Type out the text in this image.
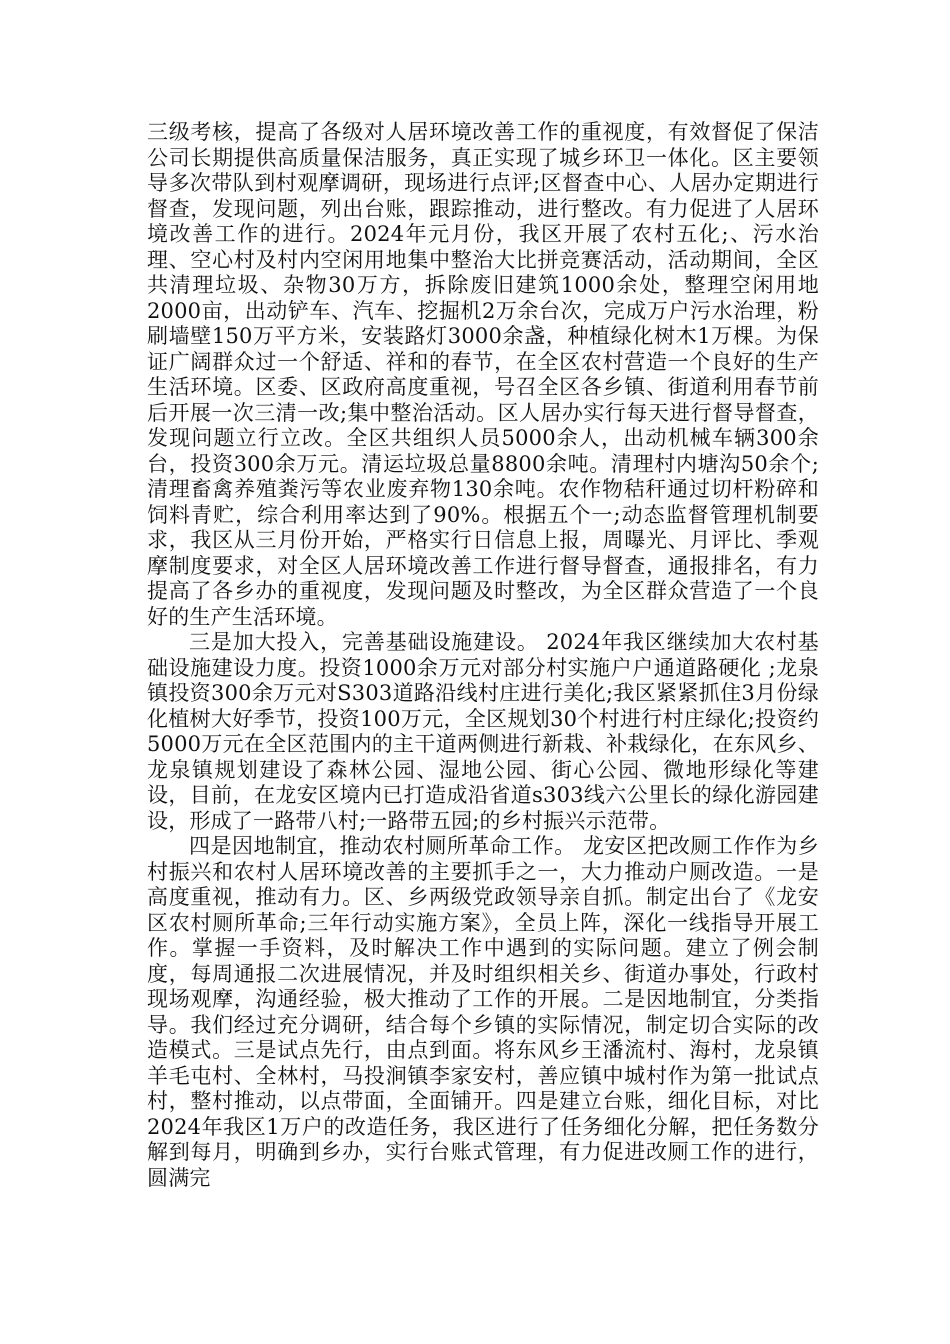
三级考核，提高了各级对人居环境改善工作的重视度，有效督促了保洁公司长期提供高质量保洁服务，真正实现了城乡环卫一体化。区主要领导多次带队到村观摩调研，现场进行点评;区督查中心、人居办定期进行督查，发现问题，列出台账，跟踪推动，进行整改。有力促进了人居环境改善工作的进行。2024年元月份，我区开展了农村五化;、污水治理、空心村及村内空闲用地集中整治大比拼竞赛活动，活动期间，全区共清理垃圾、杂物30万方，拆除废旧建筑1000余处，整理空闲用地2000亩，出动铲车、汽车、挖掘机2万余台次，完成万户污水治理，粉刷墙壁150万平方米，安装路灯3000余盏，种植绿化树木1万棵。为保证广阔群众过一个舒适、祥和的春节，在全区农村营造一个良好的生产生活环境。区委、区政府高度重视，号召全区各乡镇、街道利用春节前后开展一次三清一改;集中整治活动。区人居办实行每天进行督导督查，发现问题立行立改。全区共组织人员5000余人，出动机械车辆300余台，投资300余万元。清运垃圾总量8800余吨。清理村内塘沟50余个;清理畜禽养殖粪污等农业废弃物130余吨。农作物秸秆通过切杆粉碎和饲料青贮，综合利用率达到了90%。根据五个一;动态监督管理机制要求，我区从三月份开始，严格实行日信息上报，周曝光、月评比、季观摩制度要求，对全区人居环境改善工作进行督导督查，通报排名，有力提高了各乡办的重视度，发现问题及时整改，为全区群众营造了一个良好的生产生活环境。

三是加大投入，完善基础设施建设。 2024年我区继续加大农村基础设施建设力度。投资1000余万元对部分村实施户户通道路硬化 ;龙泉镇投资300余万元对S303道路沿线村庄进行美化;我区紧紧抓住3月份绿化植树大好季节，投资100万元，全区规划30个村进行村庄绿化;投资约5000万元在全区范围内的主干道两侧进行新栽、补栽绿化，在东风乡、龙泉镇规划建设了森林公园、湿地公园、街心公园、微地形绿化等建设，目前，在龙安区境内已打造成沿省道s303线六公里长的绿化游园建设，形成了一路带八村;一路带五园;的乡村振兴示范带。

四是因地制宜，推动农村厕所革命工作。 龙安区把改厕工作作为乡村振兴和农村人居环境改善的主要抓手之一，大力推动户厕改造。一是高度重视，推动有力。区、乡两级党政领导亲自抓。制定出台了《龙安区农村厕所革命;三年行动实施方案》，全员上阵，深化一线指导开展工作。掌握一手资料，及时解决工作中遇到的实际问题。建立了例会制度，每周通报二次进展情况，并及时组织相关乡、街道办事处，行政村现场观摩，沟通经验，极大推动了工作的开展。二是因地制宜，分类指导。我们经过充分调研，结合每个乡镇的实际情况，制定切合实际的改造模式。三是试点先行，由点到面。将东风乡王潘流村、海村，龙泉镇羊毛屯村、全林村，马投涧镇李家安村，善应镇中城村作为第一批试点村，整村推动，以点带面，全面铺开。四是建立台账，细化目标，对比2024年我区1万户的改造任务，我区进行了任务细化分解，把任务数分解到每月，明确到乡办，实行台账式管理，有力促进改厕工作的进行，圆满完
